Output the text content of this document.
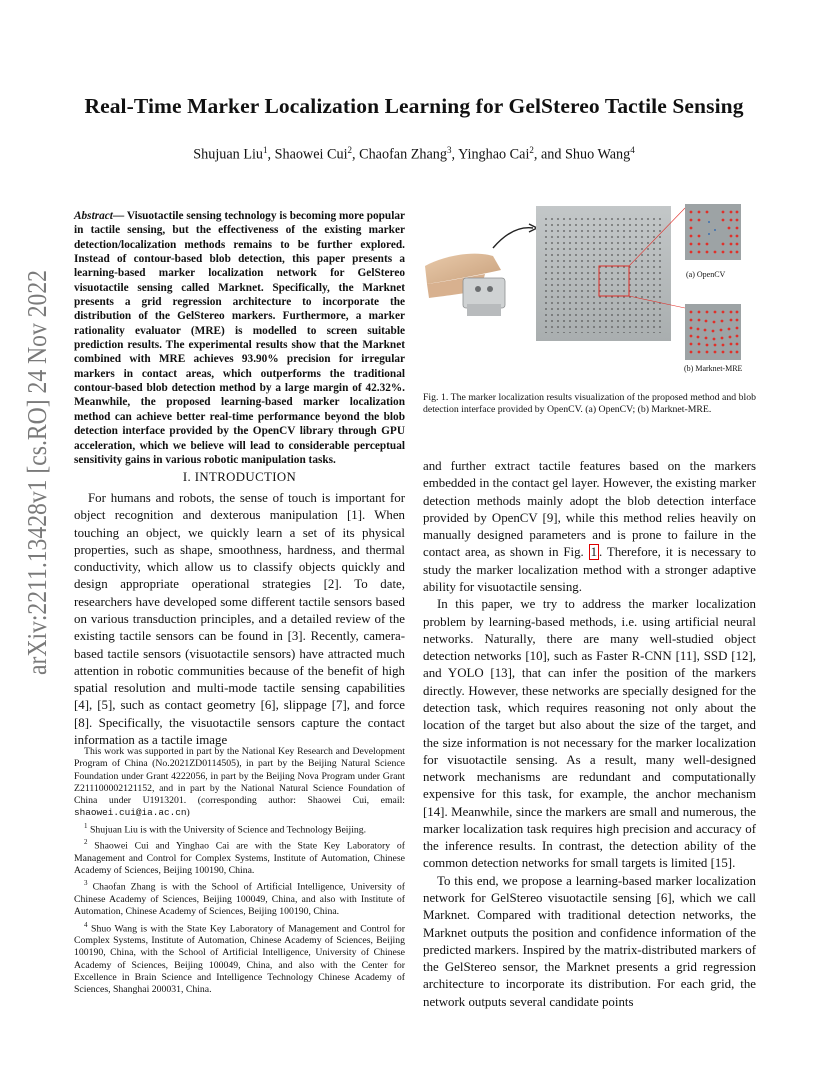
arXiv:2211.13428v1 [cs.RO] 24 Nov 2022
Real-Time Marker Localization Learning for GelStereo Tactile Sensing
Shujuan Liu$^1$, Shaowei Cui$^2$, Chaofan Zhang$^3$, Yinghao Cai$^2$, and Shuo Wang$^4$
Abstract— Visuotactile sensing technology is becoming more popular in tactile sensing, but the effectiveness of the existing marker detection/localization methods remains to be further explored. Instead of contour-based blob detection, this paper presents a learning-based marker localization network for GelStereo visuotactile sensing called Marknet. Specifically, the Marknet presents a grid regression architecture to incorporate the distribution of the GelStereo markers. Furthermore, a marker rationality evaluator (MRE) is modelled to screen suitable prediction results. The experimental results show that the Marknet combined with MRE achieves 93.90% precision for irregular markers in contact areas, which outperforms the traditional contour-based blob detection method by a large margin of 42.32%. Meanwhile, the proposed learning-based marker localization method can achieve better real-time performance beyond the blob detection interface provided by the OpenCV library through GPU acceleration, which we believe will lead to considerable perceptual sensitivity gains in various robotic manipulation tasks.
I. INTRODUCTION

For humans and robots, the sense of touch is important for object recognition and dexterous manipulation [1]. When touching an object, we quickly learn a set of its physical properties, such as shape, smoothness, hardness, and thermal conductivity, which allow us to classify objects quickly and design appropriate operational strategies [2]. To date, researchers have developed some different tactile sensors based on various transduction principles, and a detailed review of the existing tactile sensors can be found in [3]. Recently, camera-based tactile sensors (visuotactile sensors) have attracted much attention in robotic communities because of the benefit of high spatial resolution and multi-mode tactile sensing capabilities [4], [5], such as contact geometry [6], slippage [7], and force [8]. Specifically, the visuotactile sensors capture the contact information as a tactile image

This work was supported in part by the National Key Research and Development Program of China (No.2021ZD0114505), in part by the Beijing Natural Science Foundation under Grant 4222056, in part by the Beijing Nova Program under Grant Z211100002121152, and in part by the National Natural Science Foundation of China under U1913201. (corresponding author: Shaowei Cui, email: shaowei.cui@ia.ac.cn)

$^1$ Shujuan Liu is with the University of Science and Technology Beijing.

$^2$ Shaowei Cui and Yinghao Cai are with the State Key Laboratory of Management and Control for Complex Systems, Institute of Automation, Chinese Academy of Sciences, Beijing 100190, China.

$^3$ Chaofan Zhang is with the School of Artificial Intelligence, University of Chinese Academy of Sciences, Beijing 100049, China, and also with Institute of Automation, Chinese Academy of Sciences, Beijing 100190, China.

$^4$ Shuo Wang is with the State Key Laboratory of Management and Control for Complex Systems, Institute of Automation, Chinese Academy of Sciences, Beijing 100190, China, with the School of Artificial Intelligence, University of Chinese Academy of Sciences, Beijing 100049, China, and also with the Center for Excellence in Brain Science and Intelligence Technology Chinese Academy of Sciences, Shanghai 200031, China.

(a) OpenCV
(b) Marknet-MRE
Fig. 1. The marker localization results visualization of the proposed method and blob detection interface provided by OpenCV. (a) OpenCV; (b) Marknet-MRE.

and further extract tactile features based on the markers embedded in the contact gel layer. However, the existing marker detection methods mainly adopt the blob detection interface provided by OpenCV [9], while this method relies heavily on manually designed parameters and is prone to failure in the contact area, as shown in Fig. 1 . Therefore, it is necessary to study the marker localization method with a stronger adaptive ability for visuotactile sensing.

In this paper, we try to address the marker localization problem by learning-based methods, i.e. using artificial neural networks. Naturally, there are many well-studied object detection networks [10], such as Faster R-CNN [11], SSD [12], and YOLO [13], that can infer the position of the markers directly. However, these networks are specially designed for the detection task, which requires reasoning not only about the location of the target but also about the size of the target, and the size information is not necessary for the marker localization for visuotactile sensing. As a result, many well-designed network mechanisms are redundant and computationally expensive for this task, for example, the anchor mechanism [14]. Meanwhile, since the markers are small and numerous, the marker localization task requires high precision and accuracy of the inference results. In contrast, the detection ability of the common detection networks for small targets is limited [15].

To this end, we propose a learning-based marker localization network for GelStereo visuotactile sensing [6], which we call Marknet. Compared with traditional detection networks, the Marknet outputs the position and confidence information of the predicted markers. Inspired by the matrix-distributed markers of the GelStereo sensor, the Marknet presents a grid regression architecture to incorporate its distribution. For each grid, the network outputs several candidate points
